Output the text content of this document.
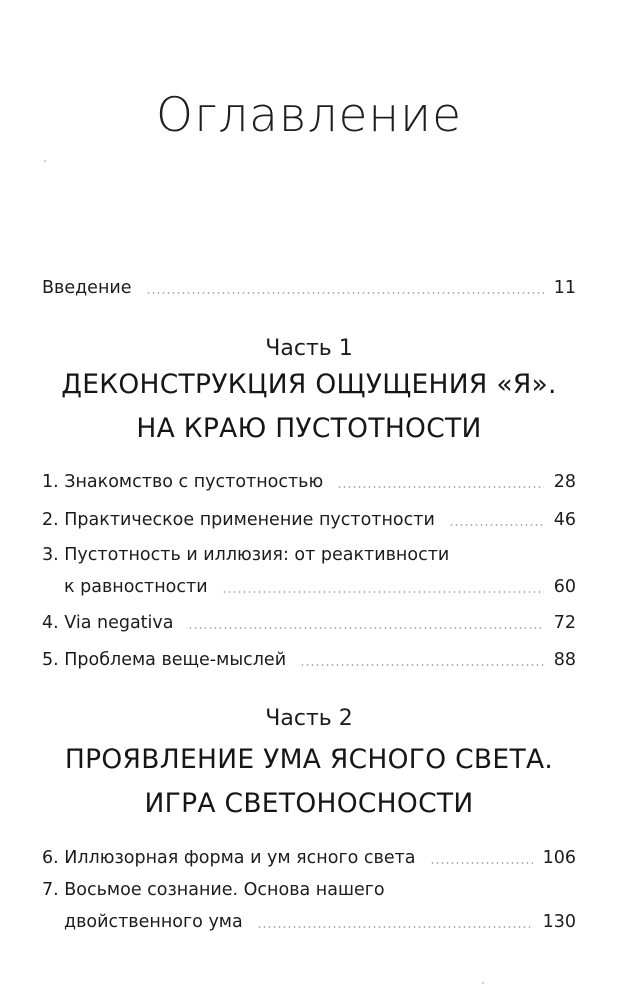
Оглавление
Введение	11
Часть 1
ДЕКОНСТРУКЦИЯ ОЩУЩЕНИЯ «Я».
НА КРАЮ ПУСТОТНОСТИ
1. Знакомство с пустотностью	28
2. Практическое применение пустотности	46
3. Пустотность и иллюзия: от реактивности
к равностности	60
4. Via negativa	72
5. Проблема веще-мыслей	88
Часть 2
ПРОЯВЛЕНИЕ УМА ЯСНОГО СВЕТА.
ИГРА СВЕТОНОСНОСТИ
6. Иллюзорная форма и ум ясного света	106
7. Восьмое сознание. Основа нашего
двойственного ума	130
